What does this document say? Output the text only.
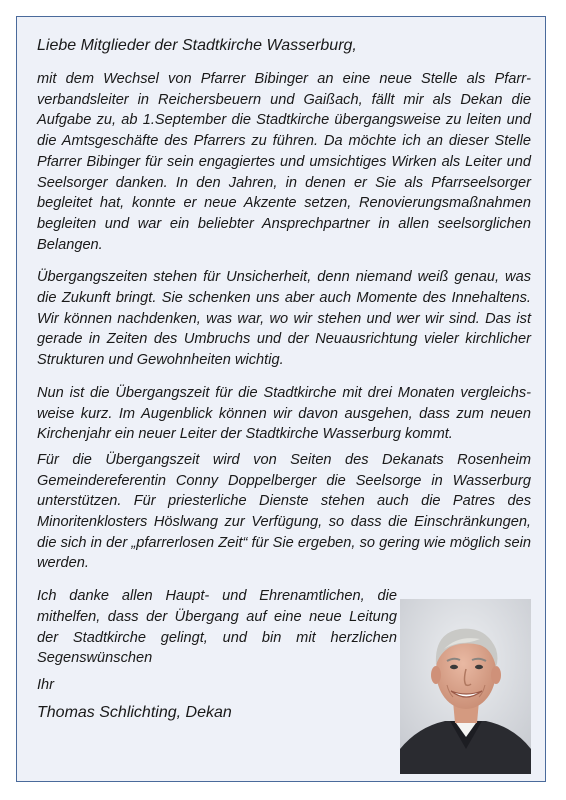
Liebe Mitglieder der Stadtkirche Wasserburg,

mit dem Wechsel von Pfarrer Bibinger an eine neue Stelle als Pfarrverbandsleiter in Reichersbeuern und Gaißach, fällt mir als Dekan die Aufgabe zu, ab 1.September die Stadtkirche übergangsweise zu leiten und die Amtsgeschäfte des Pfarrers zu führen. Da möchte ich an dieser Stelle Pfarrer Bibinger für sein engagiertes und umsichtiges Wirken als Leiter und Seelsorger danken. In den Jahren, in denen er Sie als Pfarrseelsorger begleitet hat, konnte er neue Akzente setzen, Renovierungsmaßnahmen begleiten und war ein beliebter Ansprechpartner in allen seelsorglichen Belangen.

Übergangszeiten stehen für Unsicherheit, denn niemand weiß genau, was die Zukunft bringt. Sie schenken uns aber auch Momente des Innehaltens. Wir können nachdenken, was war, wo wir stehen und wer wir sind. Das ist gerade in Zeiten des Umbruchs und der Neuausrichtung vieler kirchlicher Strukturen und Gewohnheiten wichtig.

Nun ist die Übergangszeit für die Stadtkirche mit drei Monaten vergleichs-weise kurz. Im Augenblick können wir davon ausgehen, dass zum neuen Kirchenjahr ein neuer Leiter der Stadtkirche Wasserburg kommt.

Für die Übergangszeit wird von Seiten des Dekanats Rosenheim Gemeindereferentin Conny Doppelberger die Seelsorge in Wasserburg unterstützen. Für priesterliche Dienste stehen auch die Patres des Minoritenklosters Höslwang zur Verfügung, so dass die Einschränkungen, die sich in der „pfarrerlosen Zeit“ für Sie ergeben, so gering wie möglich sein werden.

Ich danke allen Haupt- und Ehrenamtlichen, die mithelfen, dass der Übergang auf eine neue Leitung der Stadtkirche gelingt, und bin mit herzlichen Segenswünschen

Ihr

Thomas Schlichting, Dekan
